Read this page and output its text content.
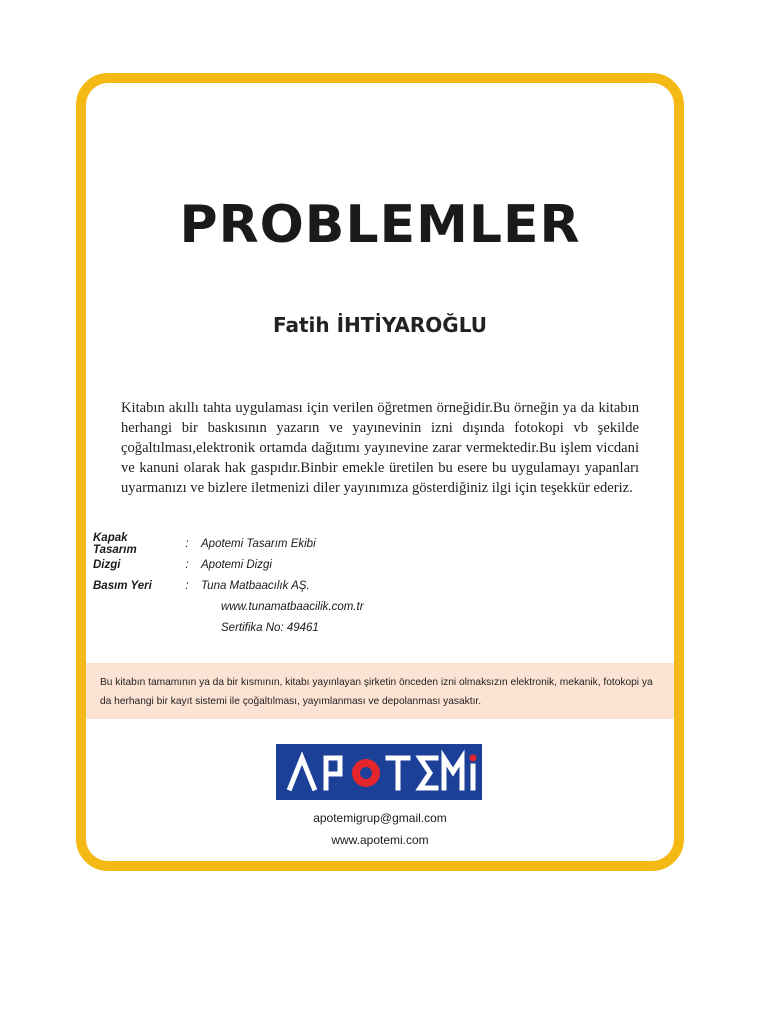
PROBLEMLER
Fatih İHTİYAROĞLU
Kitabın akıllı tahta uygulaması için verilen öğretmen örneğidir.Bu örneğin ya da kitabın herhangi bir baskısının yazarın ve yayınevinin izni dışında fotokopi vb şekilde çoğaltılması,elektronik ortamda dağıtımı yayınevine zarar vermektedir.Bu işlem vicdani ve kanuni olarak hak gaspıdır.Binbir emekle üretilen bu esere bu uygulamayı yapanları uyarmanızı ve bizlere iletmenizi diler yayınımıza gösterdiğiniz ilgi için teşekkür ederiz.
Kapak Tasarım	:	Apotemi Tasarım Ekibi
Dizgi	:	Apotemi Dizgi
Basım Yeri	:	Tuna Matbaacılık AŞ.
www.tunamatbaacilik.com.tr
Sertifika No: 49461
Bu kitabın tamamının ya da bir kısmının, kitabı yayınlayan şirketin önceden izni olmaksızın elektronik, mekanik, fotokopi ya da herhangi bir kayıt sistemi ile çoğaltılması, yayımlanması ve depolanması yasaktır.
apotemigrup@gmail.com
www.apotemi.com
